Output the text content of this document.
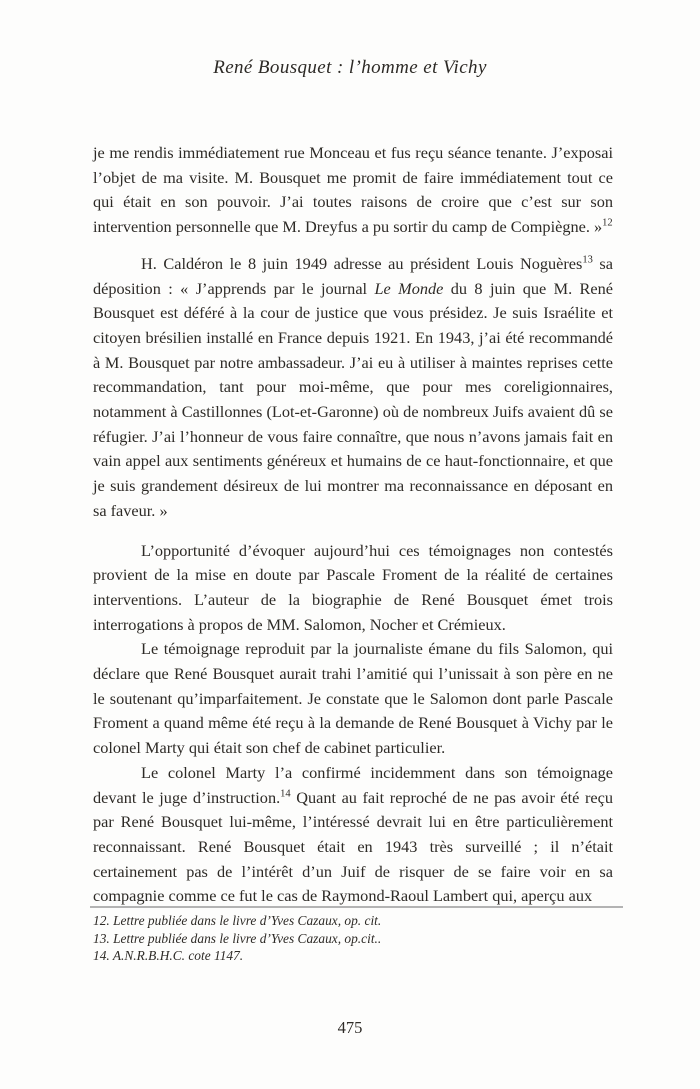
René Bousquet : l’homme et Vichy

je me rendis immédiatement rue Monceau et fus reçu séance tenante. J’exposai l’objet de ma visite. M. Bousquet me promit de faire immédiatement tout ce qui était en son pouvoir. J’ai toutes raisons de croire que c’est sur son intervention personnelle que M. Dreyfus a pu sortir du camp de Compiègne. »$^{12}$

H. Caldéron le 8 juin 1949 adresse au président Louis Noguères$^{13}$ sa déposition : « J’apprends par le journal Le Monde du 8 juin que M. René Bousquet est déféré à la cour de justice que vous présidez. Je suis Israélite et citoyen brésilien installé en France depuis 1921. En 1943, j’ai été recommandé à M. Bousquet par notre ambassadeur. J’ai eu à utiliser à maintes reprises cette recommandation, tant pour moi-même, que pour mes coreligionnaires, notamment à Castillonnes (Lot-et-Garonne) où de nombreux Juifs avaient dû se réfugier. J’ai l’honneur de vous faire connaître, que nous n’avons jamais fait en vain appel aux sentiments généreux et humains de ce haut-fonctionnaire, et que je suis grandement désireux de lui montrer ma reconnaissance en déposant en sa faveur. »

L’opportunité d’évoquer aujourd’hui ces témoignages non contestés provient de la mise en doute par Pascale Froment de la réalité de certaines interventions. L’auteur de la biographie de René Bousquet émet trois interrogations à propos de MM. Salomon, Nocher et Crémieux.

Le témoignage reproduit par la journaliste émane du fils Salomon, qui déclare que René Bousquet aurait trahi l’amitié qui l’unissait à son père en ne le soutenant qu’imparfaitement. Je constate que le Salomon dont parle Pascale Froment a quand même été reçu à la demande de René Bousquet à Vichy par le colonel Marty qui était son chef de cabinet particulier.

Le colonel Marty l’a confirmé incidemment dans son témoignage devant le juge d’instruction.$^{14}$ Quant au fait reproché de ne pas avoir été reçu par René Bousquet lui-même, l’intéressé devrait lui en être particulièrement reconnaissant. René Bousquet était en 1943 très surveillé ; il n’était certainement pas de l’intérêt d’un Juif de risquer de se faire voir en sa compagnie comme ce fut le cas de Raymond-Raoul Lambert qui, aperçu aux

12. Lettre publiée dans le livre d’Yves Cazaux, op. cit.

13. Lettre publiée dans le livre d’Yves Cazaux, op.cit..

14. A.N.R.B.H.C. cote 1147.

475
